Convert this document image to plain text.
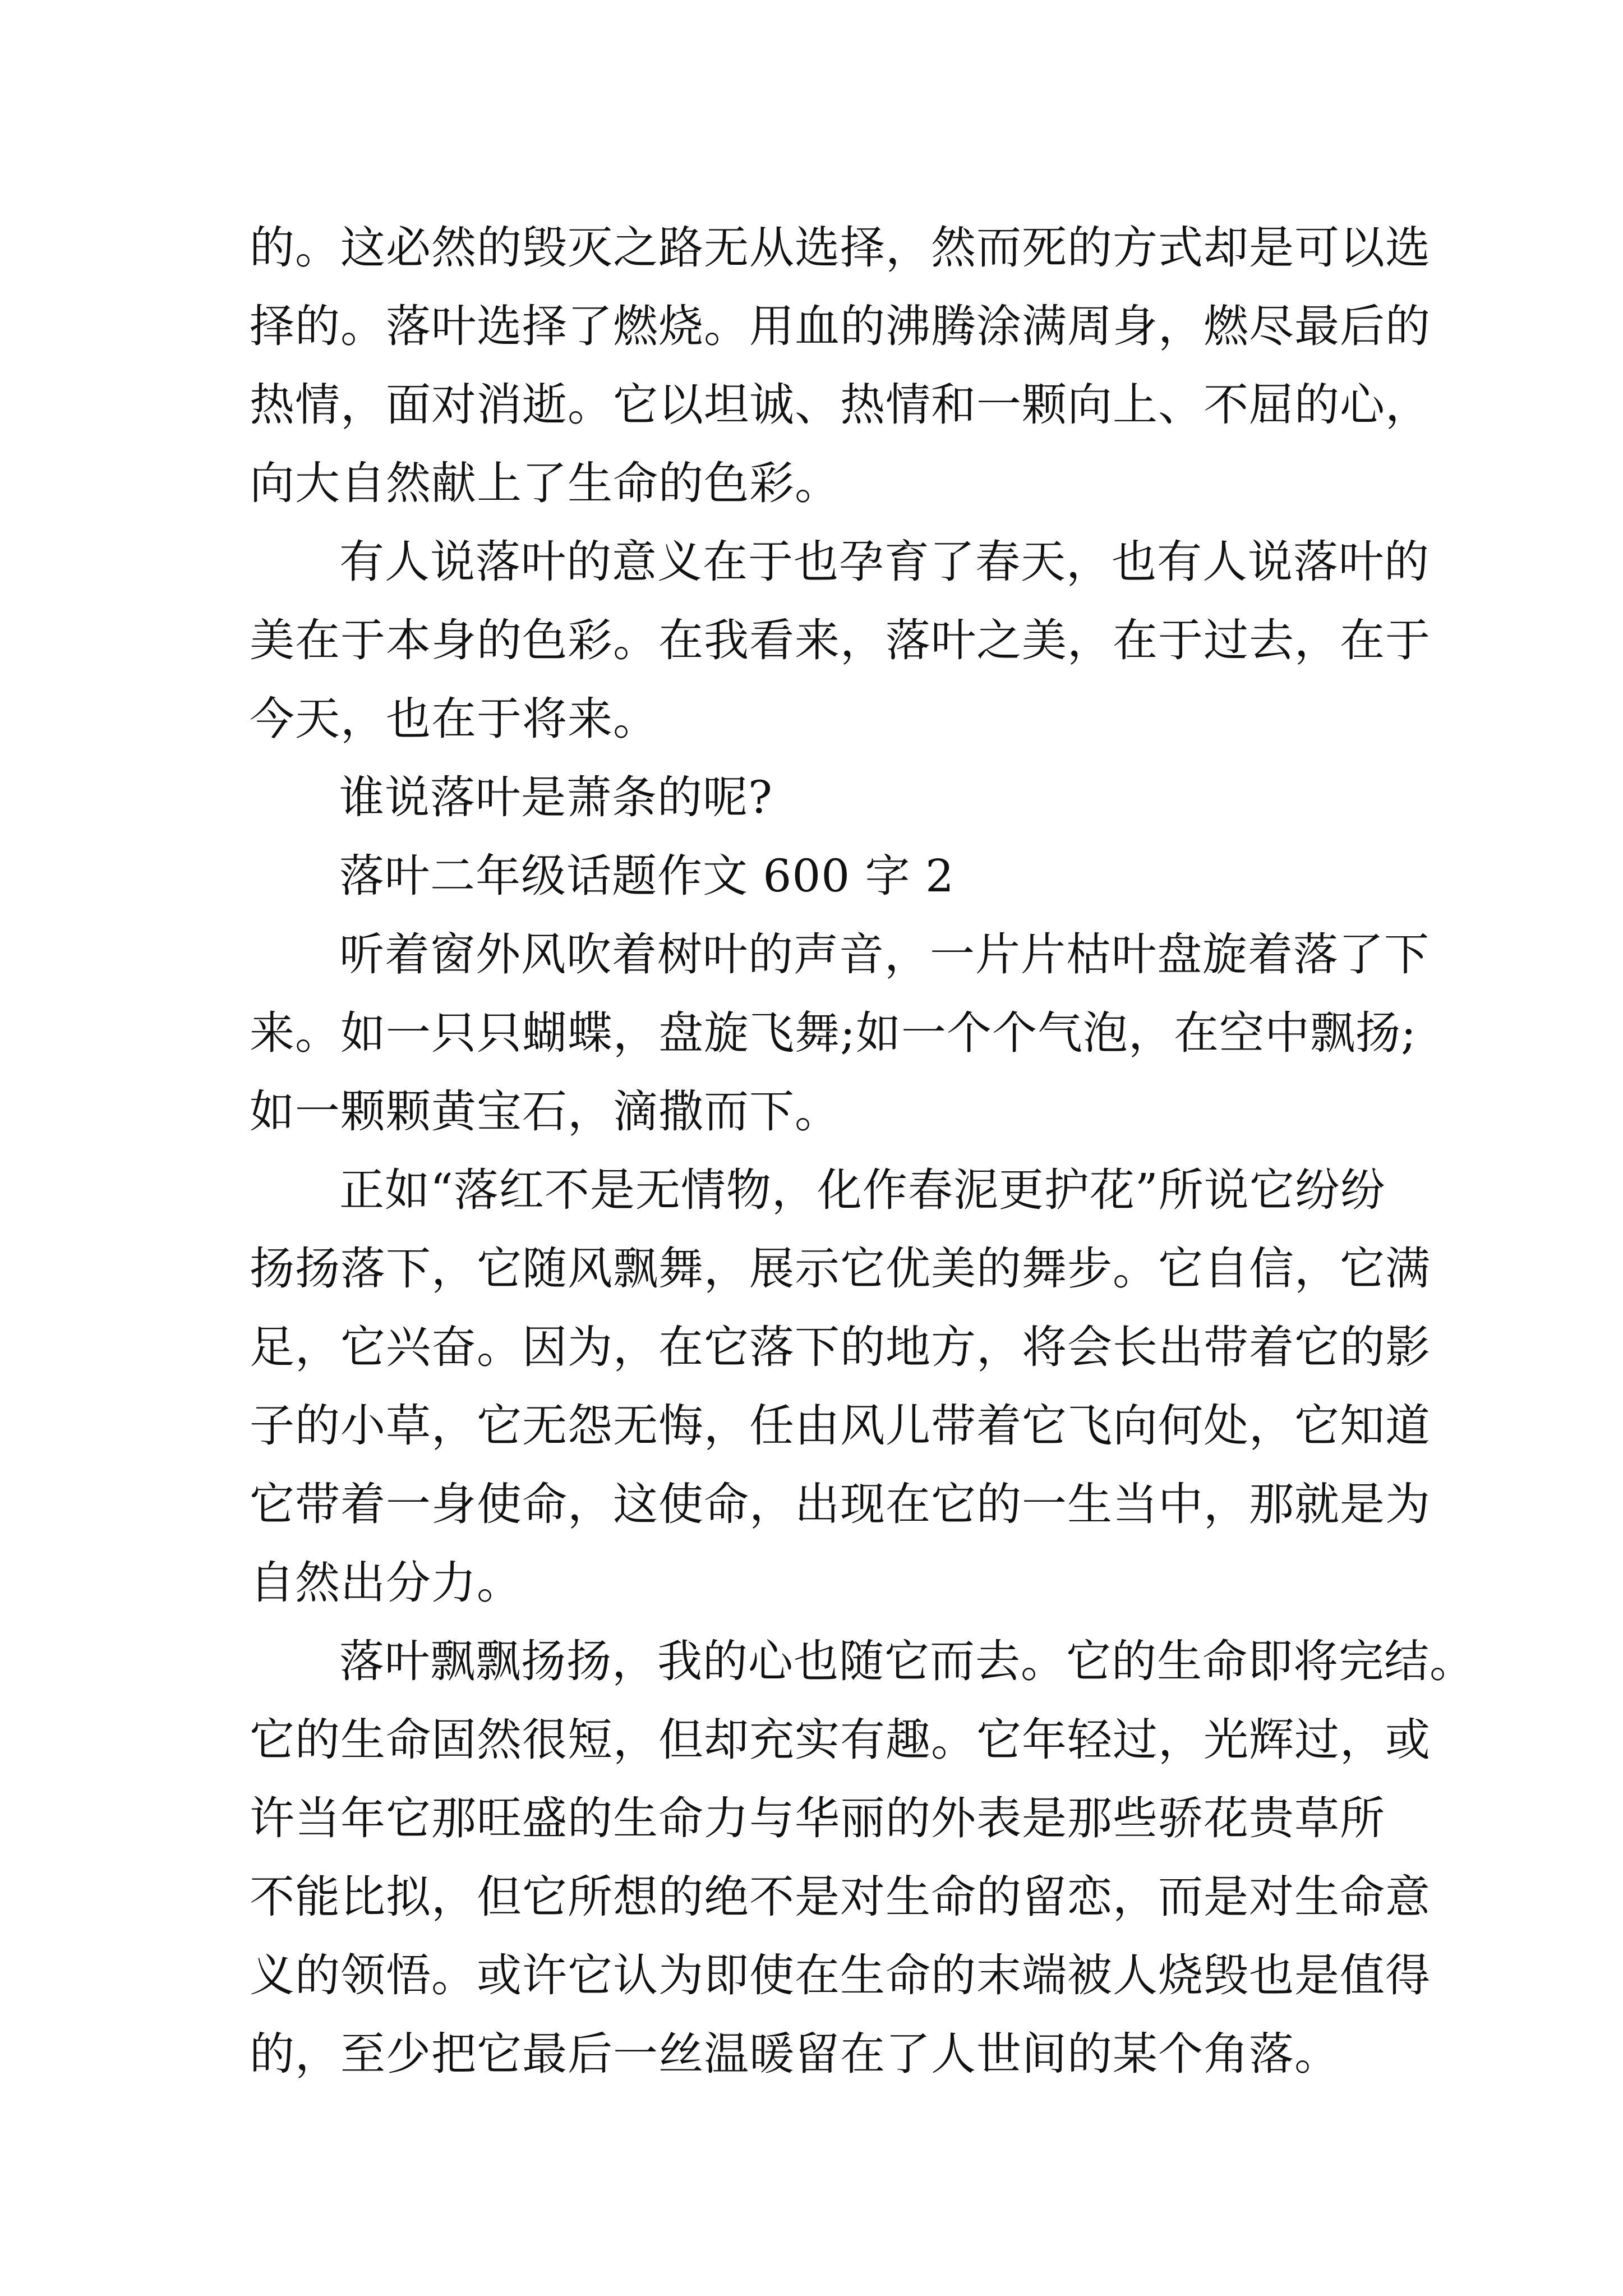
的。这必然的毁灭之路无从选择，然而死的方式却是可以选
择的。落叶选择了燃烧。用血的沸腾涂满周身，燃尽最后的
热情，面对消逝。它以坦诚、热情和一颗向上、不屈的心，
向大自然献上了生命的色彩。
有人说落叶的意义在于也孕育了春天，也有人说落叶的
美在于本身的色彩。在我看来，落叶之美，在于过去，在于
今天，也在于将来。
谁说落叶是萧条的呢?
落叶二年级话题作文 600 字 2
听着窗外风吹着树叶的声音，一片片枯叶盘旋着落了下
来。如一只只蝴蝶，盘旋飞舞;如一个个气泡，在空中飘扬;
如一颗颗黄宝石，滴撒而下。
正如“落红不是无情物，化作春泥更护花”所说它纷纷
扬扬落下，它随风飘舞，展示它优美的舞步。它自信，它满
足，它兴奋。因为，在它落下的地方，将会长出带着它的影
子的小草，它无怨无悔，任由风儿带着它飞向何处，它知道
它带着一身使命，这使命，出现在它的一生当中，那就是为
自然出分力。
落叶飘飘扬扬，我的心也随它而去。它的生命即将完结。
它的生命固然很短，但却充实有趣。它年轻过，光辉过，或
许当年它那旺盛的生命力与华丽的外表是那些骄花贵草所
不能比拟，但它所想的绝不是对生命的留恋，而是对生命意
义的领悟。或许它认为即使在生命的末端被人烧毁也是值得
的，至少把它最后一丝温暖留在了人世间的某个角落。
